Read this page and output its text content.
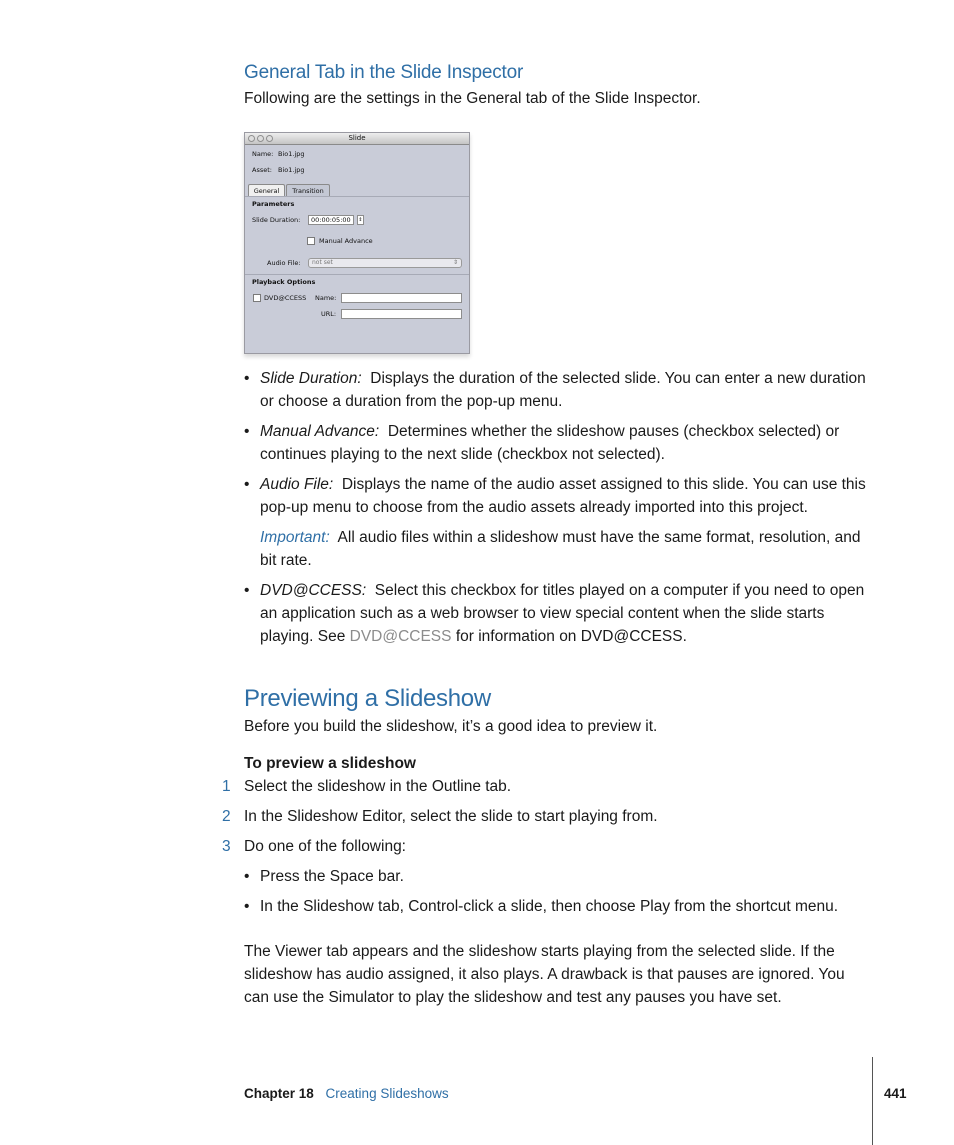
General Tab in the Slide Inspector
Following are the settings in the General tab of the Slide Inspector.
Slide
Name: Bio1.jpg
Asset: Bio1.jpg
General	Transition
Parameters
Slide Duration:	00:00:05:00	⇕
Manual Advance
Audio File:	not set	⇕
Playback Options
DVD@CCESS Name:
URL:
• Slide Duration: Displays the duration of the selected slide. You can enter a new duration or choose a duration from the pop-up menu.
• Manual Advance: Determines whether the slideshow pauses (checkbox selected) or continues playing to the next slide (checkbox not selected).
• Audio File: Displays the name of the audio asset assigned to this slide. You can use this pop-up menu to choose from the audio assets already imported into this project.
Important: All audio files within a slideshow must have the same format, resolution, and bit rate.
• DVD@CCESS: Select this checkbox for titles played on a computer if you need to open an application such as a web browser to view special content when the slide starts playing. See DVD@CCESS for information on DVD@CCESS.
Previewing a Slideshow
Before you build the slideshow, it’s a good idea to preview it.
To preview a slideshow
1 Select the slideshow in the Outline tab.
2 In the Slideshow Editor, select the slide to start playing from.
3 Do one of the following:
• Press the Space bar.
• In the Slideshow tab, Control-click a slide, then choose Play from the shortcut menu.
The Viewer tab appears and the slideshow starts playing from the selected slide. If the slideshow has audio assigned, it also plays. A drawback is that pauses are ignored. You can use the Simulator to play the slideshow and test any pauses you have set.
Chapter 18 Creating Slideshows	441
